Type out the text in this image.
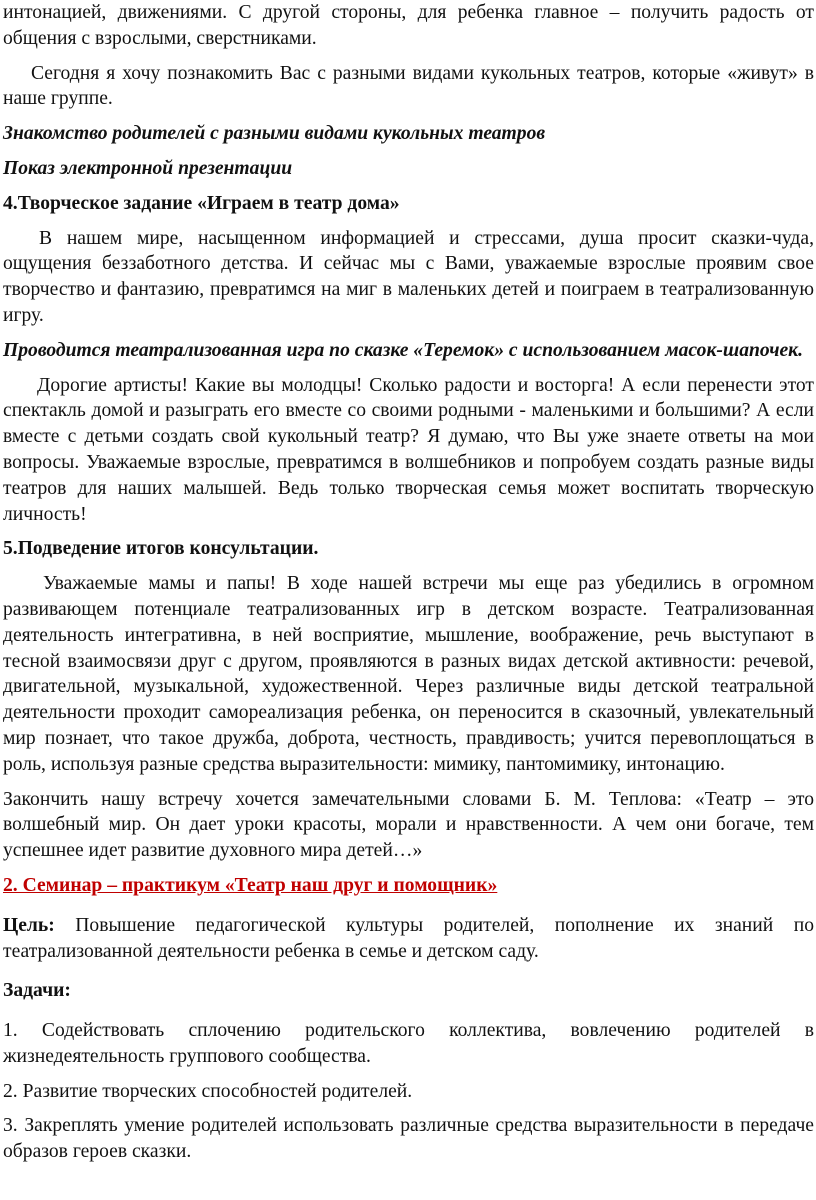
интонацией, движениями. С другой стороны, для ребенка главное – получить радость от общения с взрослыми, сверстниками.

Сегодня я хочу познакомить Вас с разными видами кукольных театров, которые «живут» в наше группе.

Знакомство родителей с разными видами кукольных театров

Показ электронной презентации

4.Творческое задание «Играем в театр дома»

В нашем мире, насыщенном информацией и стрессами, душа просит сказки-чуда, ощущения беззаботного детства. И сейчас мы с Вами, уважаемые взрослые проявим свое творчество и фантазию, превратимся на миг в маленьких детей и поиграем в театрализованную игру.

Проводится театрализованная игра по сказке «Теремок» с использованием масок-шапочек.

Дорогие артисты! Какие вы молодцы! Сколько радости и восторга! А если перенести этот спектакль домой и разыграть его вместе со своими родными - маленькими и большими? А если вместе с детьми создать свой кукольный театр? Я думаю, что Вы уже знаете ответы на мои вопросы. Уважаемые взрослые, превратимся в волшебников и попробуем создать разные виды театров для наших малышей. Ведь только творческая семья может воспитать творческую личность!

5.Подведение итогов консультации.

Уважаемые мамы и папы! В ходе нашей встречи мы еще раз убедились в огромном развивающем потенциале театрализованных игр в детском возрасте. Театрализованная деятельность интегративна, в ней восприятие, мышление, воображение, речь выступают в тесной взаимосвязи друг с другом, проявляются в разных видах детской активности: речевой, двигательной, музыкальной, художественной. Через различные виды детской театральной деятельности проходит самореализация ребенка, он переносится в сказочный, увлекательный мир познает, что такое дружба, доброта, честность, правдивость; учится перевоплощаться в роль, используя разные средства выразительности: мимику, пантомимику, интонацию.

Закончить нашу встречу хочется замечательными словами Б. М. Теплова: «Театр – это волшебный мир. Он дает уроки красоты, морали и нравственности. А чем они богаче, тем успешнее идет развитие духовного мира детей…»

2. Семинар – практикум «Театр наш друг и помощник»

Цель: Повышение педагогической культуры родителей, пополнение их знаний по театрализованной деятельности ребенка в семье и детском саду.

Задачи:

1. Содействовать сплочению родительского коллектива, вовлечению родителей в жизнедеятельность группового сообщества.

2. Развитие творческих способностей родителей.

3. Закреплять умение родителей использовать различные средства выразительности в передаче образов героев сказки.
